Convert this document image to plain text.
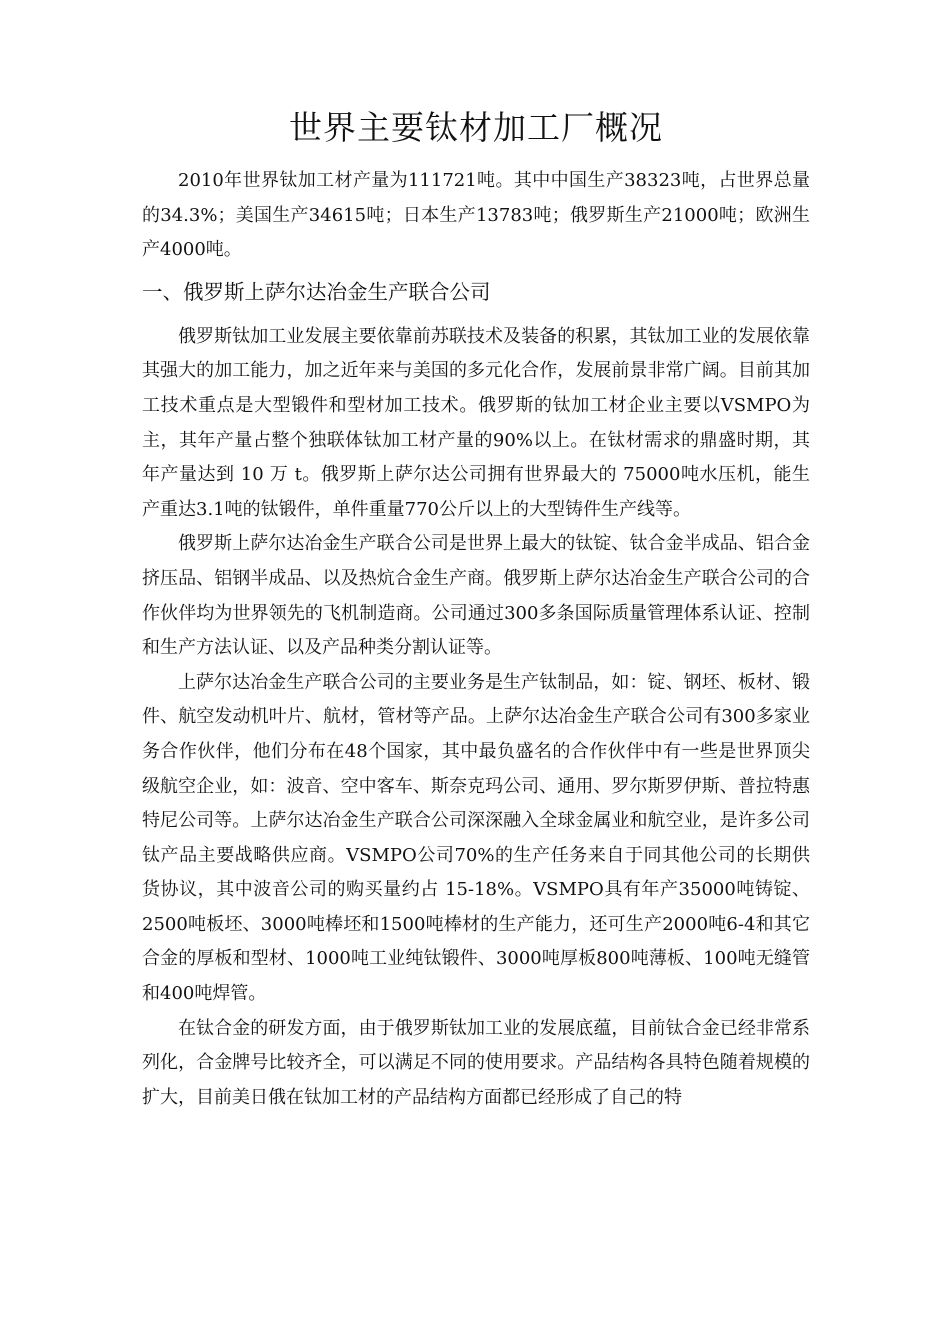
世界主要钛材加工厂概况

2010年世界钛加工材产量为111721吨。其中中国生产38323吨，占世界总量的34.3%；美国生产34615吨；日本生产13783吨；俄罗斯生产21000吨；欧洲生产4000吨。

一、俄罗斯上萨尔达冶金生产联合公司

俄罗斯钛加工业发展主要依靠前苏联技术及装备的积累，其钛加工业的发展依靠其强大的加工能力，加之近年来与美国的多元化合作，发展前景非常广阔。目前其加工技术重点是大型锻件和型材加工技术。俄罗斯的钛加工材企业主要以VSMPO为主，其年产量占整个独联体钛加工材产量的90%以上。在钛材需求的鼎盛时期，其年产量达到 10 万 t。俄罗斯上萨尔达公司拥有世界最大的 75000吨水压机，能生产重达3.1吨的钛锻件，单件重量770公斤以上的大型铸件生产线等。

俄罗斯上萨尔达冶金生产联合公司是世界上最大的钛锭、钛合金半成品、铝合金挤压品、铝钢半成品、以及热炕合金生产商。俄罗斯上萨尔达冶金生产联合公司的合作伙伴均为世界领先的飞机制造商。公司通过300多条国际质量管理体系认证、控制和生产方法认证、以及产品种类分割认证等。

上萨尔达冶金生产联合公司的主要业务是生产钛制品，如：锭、钢坯、板材、锻件、航空发动机叶片、航材，管材等产品。上萨尔达冶金生产联合公司有300多家业务合作伙伴，他们分布在48个国家，其中最负盛名的合作伙伴中有一些是世界顶尖级航空企业，如：波音、空中客车、斯奈克玛公司、通用、罗尔斯罗伊斯、普拉特惠特尼公司等。上萨尔达冶金生产联合公司深深融入全球金属业和航空业，是许多公司钛产品主要战略供应商。VSMPO公司70%的生产任务来自于同其他公司的长期供货协议，其中波音公司的购买量约占 15-18%。VSMPO具有年产35000吨铸锭、2500吨板坯、3000吨棒坯和1500吨棒材的生产能力，还可生产2000吨6-4和其它合金的厚板和型材、1000吨工业纯钛锻件、3000吨厚板800吨薄板、100吨无缝管和400吨焊管。

在钛合金的研发方面，由于俄罗斯钛加工业的发展底蕴，目前钛合金已经非常系列化，合金牌号比较齐全，可以满足不同的使用要求。产品结构各具特色随着规模的扩大，目前美日俄在钛加工材的产品结构方面都已经形成了自己的特
